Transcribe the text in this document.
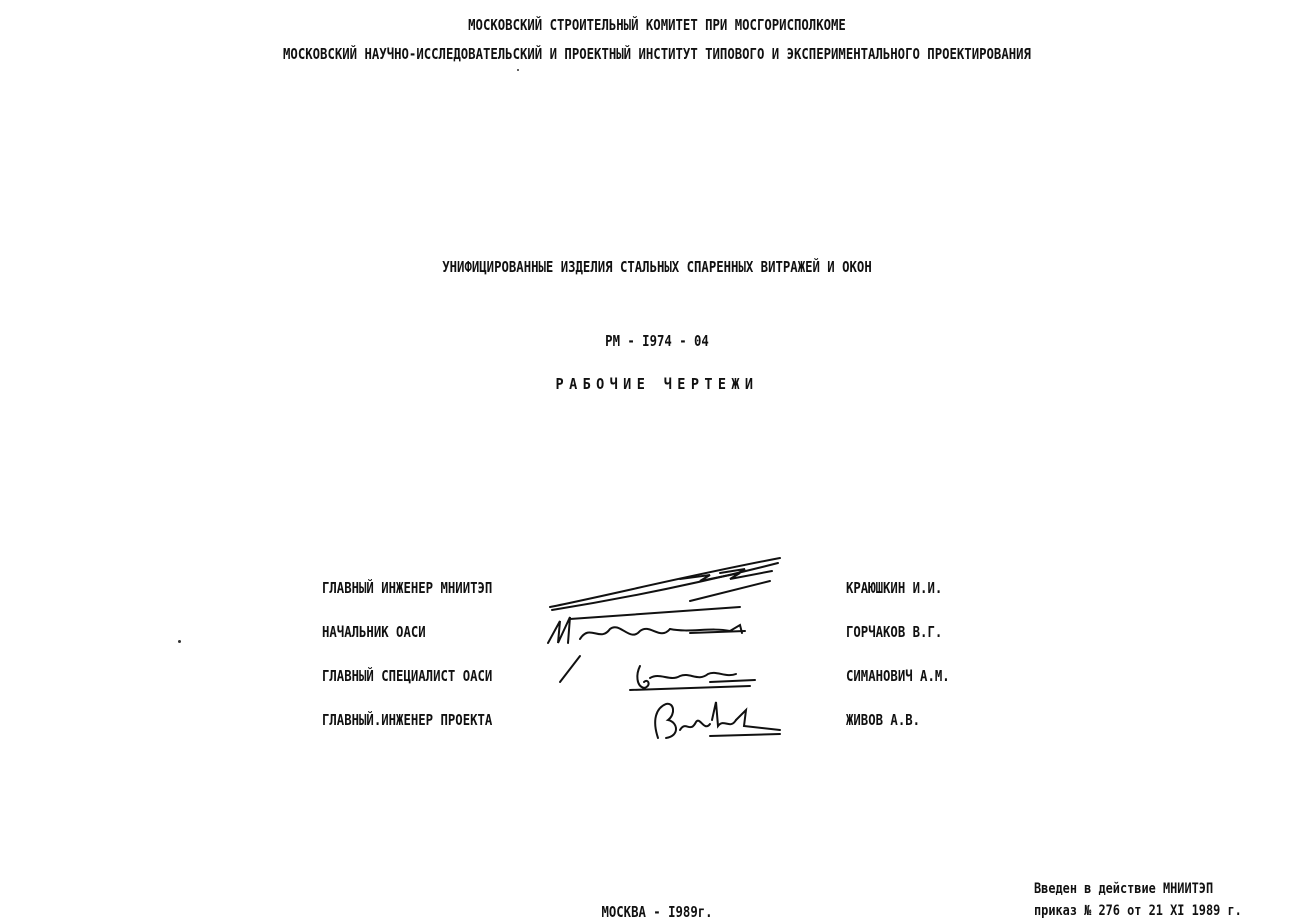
МОСКОВСКИЙ СТРОИТЕЛЬНЫЙ КОМИТЕТ ПРИ МОСГОРИСПОЛКОМЕ
МОСКОВСКИЙ НАУЧНО-ИССЛЕДОВАТЕЛЬСКИЙ И ПРОЕКТНЫЙ ИНСТИТУТ ТИПОВОГО И ЭКСПЕРИМЕНТАЛЬНОГО ПРОЕКТИРОВАНИЯ
УНИФИЦИРОВАННЫЕ ИЗДЕЛИЯ СТАЛЬНЫХ СПАРЕННЫХ ВИТРАЖЕЙ И ОКОН
РМ - I974 - 04
РАБОЧИЕ ЧЕРТЕЖИ
ГЛАВНЫЙ ИНЖЕНЕР МНИИТЭП	КРАЮШКИН И.И.
НАЧАЛЬНИК ОАСИ	ГОРЧАКОВ В.Г.
ГЛАВНЫЙ СПЕЦИАЛИСТ ОАСИ	СИМАНОВИЧ А.М.
ГЛАВНЫЙ.ИНЖЕНЕР ПРОЕКТА	ЖИВОВ А.В.
МОСКВА - I989г.
Введен в действие МНИИТЭП
приказ № 276 от 21 XI 1989 г.
